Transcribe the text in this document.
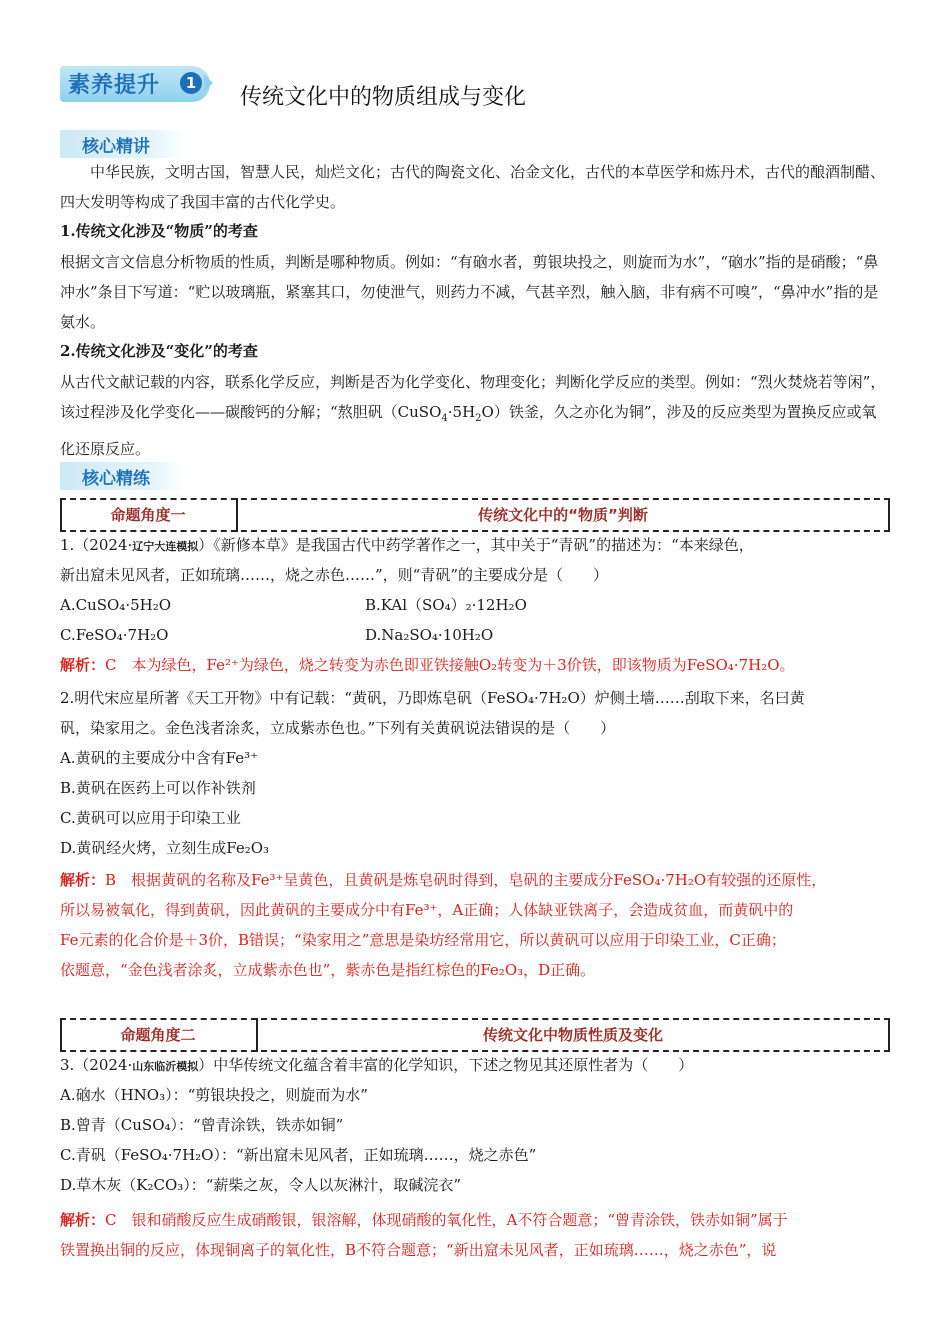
素养提升	1
传统文化中的物质组成与变化
核心精讲
中华民族，文明古国，智慧人民，灿烂文化；古代的陶瓷文化、冶金文化，古代的本草医学和炼丹术，古代的酿酒制醋、四大发明等构成了我国丰富的古代化学史。
1.传统文化涉及“物质”的考查
根据文言文信息分析物质的性质，判断是哪种物质。例如：“有硇水者，剪银块投之，则旋而为水”，“硇水”指的是硝酸；“鼻冲水”条目下写道：“贮以玻璃瓶，紧塞其口，勿使泄气，则药力不减，气甚辛烈，触入脑，非有病不可嗅”，“鼻冲水”指的是氨水。
2.传统文化涉及“变化”的考查
从古代文献记载的内容，联系化学反应，判断是否为化学变化、物理变化；判断化学反应的类型。例如：“烈火焚烧若等闲”，该过程涉及化学变化——碳酸钙的分解；“熬胆矾$(CuSO_4\cdot 5H_2O)$铁釜，久之亦化为铜”，涉及的反应类型为置换反应或氧化还原反应。
核心精练
命题角度一	传统文化中的“物质”判断
1.（2024·辽宁大连模拟）《新修本草》是我国古代中药学著作之一，其中关于“青矾”的描述为：“本来绿色，
新出窟未见风者，正如琉璃……，烧之赤色……”，则“青矾”的主要成分是（　　）
A.CuSO₄·5H₂O	B.KAl（SO₄）₂·12H₂O
C.FeSO₄·7H₂O	D.Na₂SO₄·10H₂O
解析：C　本为绿色，Fe²⁺为绿色，烧之转变为赤色即亚铁接触O₂转变为＋3价铁，即该物质为FeSO₄·7H₂O。
2.明代宋应星所著《天工开物》中有记载：“黄矾，乃即炼皂矾（FeSO₄·7H₂O）炉侧土墙……刮取下来，名曰黄
矾，染家用之。金色浅者涂炙，立成紫赤色也。”下列有关黄矾说法错误的是（　　）
A.黄矾的主要成分中含有Fe³⁺
B.黄矾在医药上可以作补铁剂
C.黄矾可以应用于印染工业
D.黄矾经火烤，立刻生成Fe₂O₃
解析：B　根据黄矾的名称及Fe³⁺呈黄色，且黄矾是炼皂矾时得到，皂矾的主要成分FeSO₄·7H₂O有较强的还原性，
所以易被氧化，得到黄矾，因此黄矾的主要成分中有Fe³⁺，A正确；人体缺亚铁离子，会造成贫血，而黄矾中的
Fe元素的化合价是＋3价，B错误；“染家用之”意思是染坊经常用它，所以黄矾可以应用于印染工业，C正确；
依题意，“金色浅者涂炙，立成紫赤色也”，紫赤色是指红棕色的Fe₂O₃，D正确。
命题角度二	传统文化中物质性质及变化
3.（2024·山东临沂模拟）中华传统文化蕴含着丰富的化学知识，下述之物见其还原性者为（　　）
A.硇水（HNO₃）：“剪银块投之，则旋而为水”
B.曾青（CuSO₄）：“曾青涂铁，铁赤如铜”
C.青矾（FeSO₄·7H₂O）：“新出窟未见风者，正如琉璃……，烧之赤色”
D.草木灰（K₂CO₃）：“薪柴之灰，令人以灰淋汁，取碱浣衣”
解析：C　银和硝酸反应生成硝酸银，银溶解，体现硝酸的氧化性，A不符合题意；“曾青涂铁，铁赤如铜”属于
铁置换出铜的反应，体现铜离子的氧化性，B不符合题意；“新出窟未见风者，正如琉璃……，烧之赤色”，说
